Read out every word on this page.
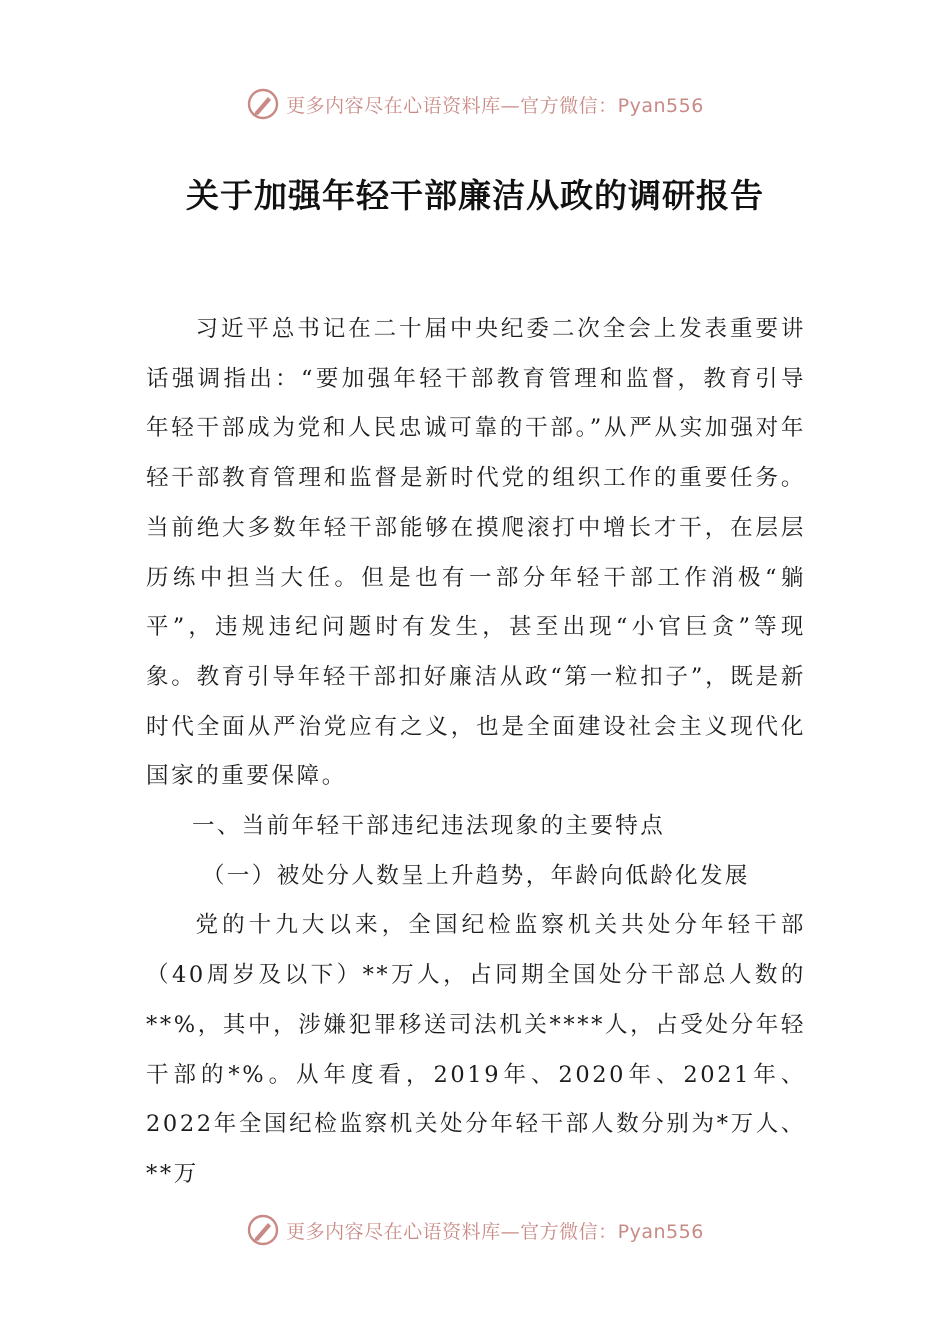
更多内容尽在心语资料库—官方微信：Pyan556
关于加强年轻干部廉洁从政的调研报告

习近平总书记在二十届中央纪委二次全会上发表重要讲话强调指出：“要加强年轻干部教育管理和监督，教育引导年轻干部成为党和人民忠诚可靠的干部。”从严从实加强对年轻干部教育管理和监督是新时代党的组织工作的重要任务。当前绝大多数年轻干部能够在摸爬滚打中增长才干，在层层历练中担当大任。但是也有一部分年轻干部工作消极“躺平”，违规违纪问题时有发生，甚至出现“小官巨贪”等现象。教育引导年轻干部扣好廉洁从政“第一粒扣子”，既是新时代全面从严治党应有之义，也是全面建设社会主义现代化国家的重要保障。

一、当前年轻干部违纪违法现象的主要特点

（一）被处分人数呈上升趋势，年龄向低龄化发展

党的十九大以来，全国纪检监察机关共处分年轻干部（40周岁及以下）**万人，占同期全国处分干部总人数的**%，其中，涉嫌犯罪移送司法机关****人，占受处分年轻干部的*%。从年度看，2019年、2020年、2021年、2022年全国纪检监察机关处分年轻干部人数分别为*万人、**万

更多内容尽在心语资料库—官方微信：Pyan556
